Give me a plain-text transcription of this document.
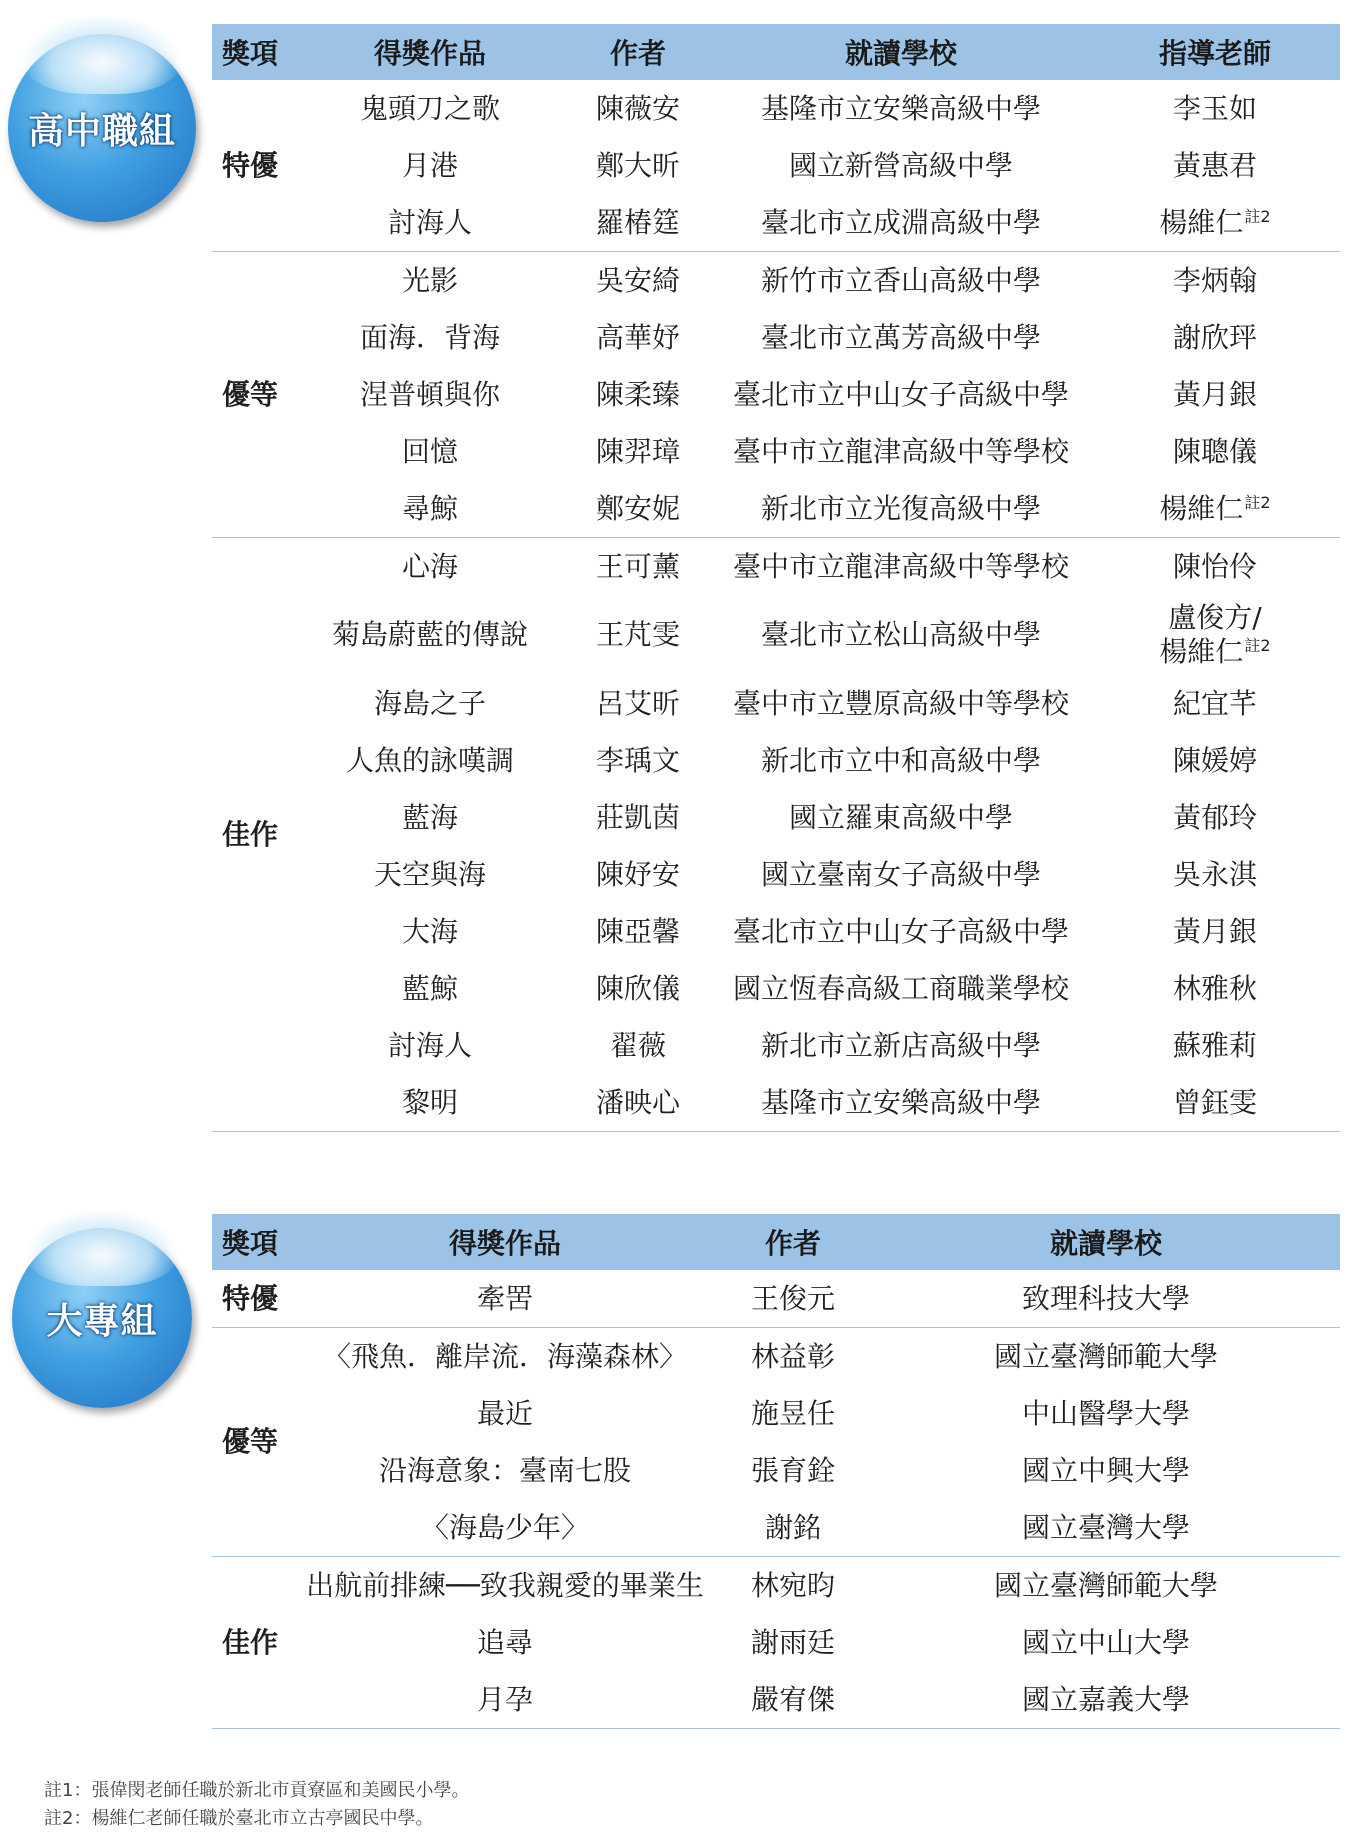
高中職組
獎項	得獎作品	作者	就讀學校	指導老師
特優	鬼頭刀之歌	陳薇安	基隆市立安樂高級中學	李玉如
	月港	鄭大昕	國立新營高級中學	黃惠君
	討海人	羅椿筳	臺北市立成淵高級中學	楊維仁$^{註2}$
優等	光影	吳安綺	新竹市立香山高級中學	李炳翰
	面海．背海	高華妤	臺北市立萬芳高級中學	謝欣玶
	涅普頓與你	陳柔臻	臺北市立中山女子高級中學	黃月銀
	回憶	陳羿璋	臺中市立龍津高級中等學校	陳聰儀
	尋鯨	鄭安妮	新北市立光復高級中學	楊維仁$^{註2}$
佳作	心海	王可薰	臺中市立龍津高級中等學校	陳怡伶
	菊島蔚藍的傳說	王芃雯	臺北市立松山高級中學	盧俊方/
楊維仁$^{註2}$

	海島之子	呂艾昕	臺中市立豐原高級中等學校	紀宜芊
	人魚的詠嘆調	李瑀文	新北市立中和高級中學	陳媛婷
	藍海	莊凱茵	國立羅東高級中學	黃郁玲
	天空與海	陳妤安	國立臺南女子高級中學	吳永淇
	大海	陳亞馨	臺北市立中山女子高級中學	黃月銀
	藍鯨	陳欣儀	國立恆春高級工商職業學校	林雅秋
	討海人	翟薇	新北市立新店高級中學	蘇雅莉
	黎明	潘映心	基隆市立安樂高級中學	曾鈺雯
大專組
獎項	得獎作品	作者	就讀學校
特優	牽罟	王俊元	致理科技大學
優等	〈飛魚．離岸流．海藻森林〉	林益彰	國立臺灣師範大學
	最近	施昱任	中山醫學大學
	沿海意象：臺南七股	張育銓	國立中興大學
	〈海島少年〉	謝銘	國立臺灣大學
佳作	出航前排練──致我親愛的畢業生	林宛昀	國立臺灣師範大學
	追尋	謝雨廷	國立中山大學
	月孕	嚴宥傑	國立嘉義大學
註1：張偉閔老師任職於新北市貢寮區和美國民小學。
註2：楊維仁老師任職於臺北市立古亭國民中學。
